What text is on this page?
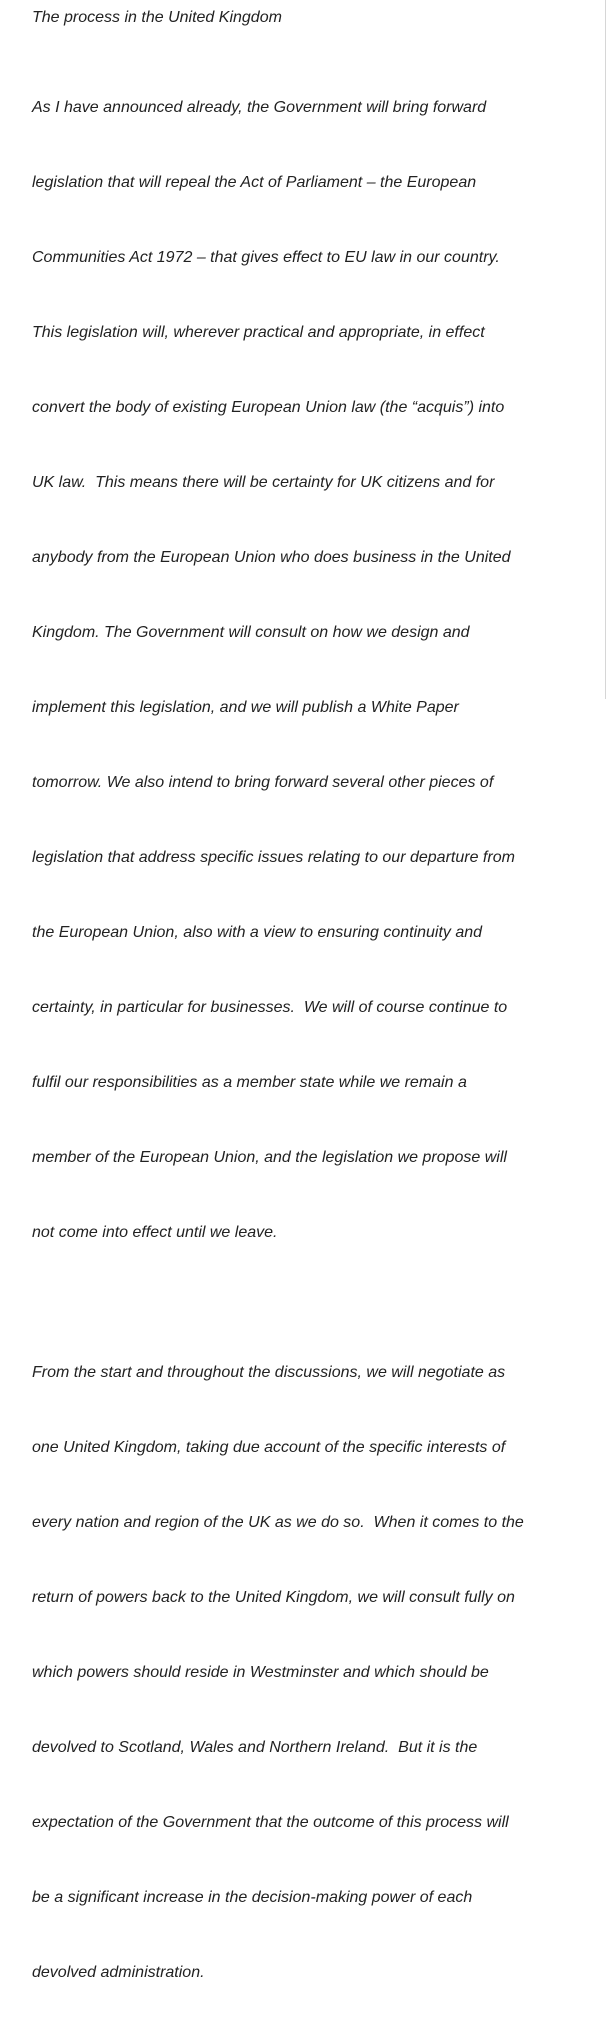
The process in the United Kingdom

As I have announced already, the Government will bring forward

legislation that will repeal the Act of Parliament – the European

Communities Act 1972 – that gives effect to EU law in our country.

This legislation will, wherever practical and appropriate, in effect

convert the body of existing European Union law (the “acquis”) into

UK law.  This means there will be certainty for UK citizens and for

anybody from the European Union who does business in the United

Kingdom. The Government will consult on how we design and

implement this legislation, and we will publish a White Paper

tomorrow. We also intend to bring forward several other pieces of

legislation that address specific issues relating to our departure from

the European Union, also with a view to ensuring continuity and

certainty, in particular for businesses.  We will of course continue to

fulfil our responsibilities as a member state while we remain a

member of the European Union, and the legislation we propose will

not come into effect until we leave.

From the start and throughout the discussions, we will negotiate as

one United Kingdom, taking due account of the specific interests of

every nation and region of the UK as we do so.  When it comes to the

return of powers back to the United Kingdom, we will consult fully on

which powers should reside in Westminster and which should be

devolved to Scotland, Wales and Northern Ireland.  But it is the

expectation of the Government that the outcome of this process will

be a significant increase in the decision-making power of each

devolved administration.
